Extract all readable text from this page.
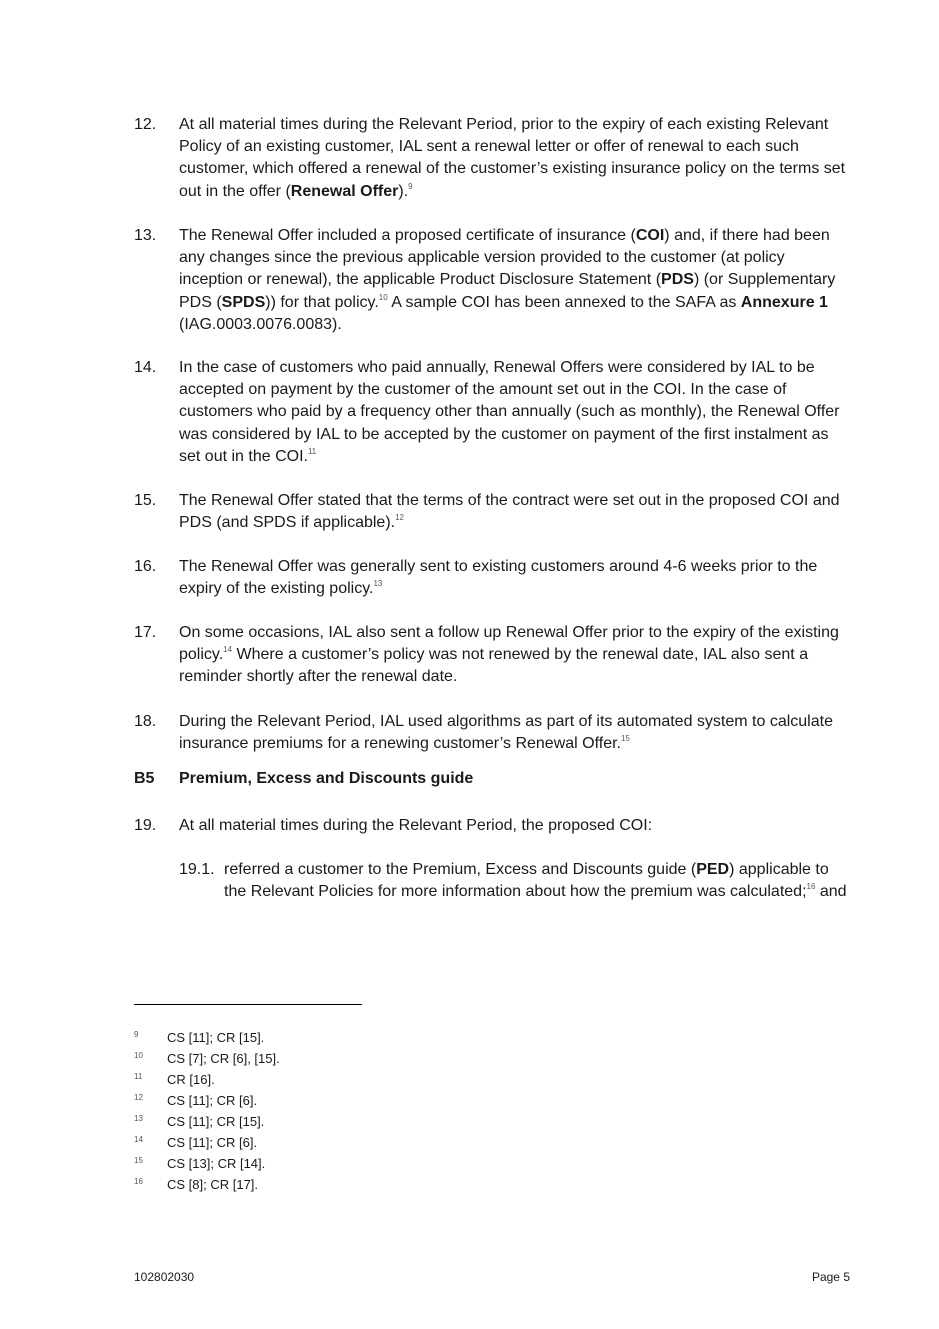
12. At all material times during the Relevant Period, prior to the expiry of each existing Relevant Policy of an existing customer, IAL sent a renewal letter or offer of renewal to each such customer, which offered a renewal of the customer’s existing insurance policy on the terms set out in the offer (Renewal Offer).$^9$
13. The Renewal Offer included a proposed certificate of insurance (COI) and, if there had been any changes since the previous applicable version provided to the customer (at policy inception or renewal), the applicable Product Disclosure Statement (PDS) (or Supplementary PDS (SPDS)) for that policy.$^{10}$ A sample COI has been annexed to the SAFA as Annexure 1 (IAG.0003.0076.0083).
14. In the case of customers who paid annually, Renewal Offers were considered by IAL to be accepted on payment by the customer of the amount set out in the COI. In the case of customers who paid by a frequency other than annually (such as monthly), the Renewal Offer was considered by IAL to be accepted by the customer on payment of the first instalment as set out in the COI.$^{11}$
15. The Renewal Offer stated that the terms of the contract were set out in the proposed COI and PDS (and SPDS if applicable).$^{12}$
16. The Renewal Offer was generally sent to existing customers around 4-6 weeks prior to the expiry of the existing policy.$^{13}$
17. On some occasions, IAL also sent a follow up Renewal Offer prior to the expiry of the existing policy.$^{14}$ Where a customer’s policy was not renewed by the renewal date, IAL also sent a reminder shortly after the renewal date.
18. During the Relevant Period, IAL used algorithms as part of its automated system to calculate insurance premiums for a renewing customer’s Renewal Offer.$^{15}$
B5 Premium, Excess and Discounts guide
19. At all material times during the Relevant Period, the proposed COI:
19.1. referred a customer to the Premium, Excess and Discounts guide (PED) applicable to the Relevant Policies for more information about how the premium was calculated;$^{16}$ and
9 CS [11]; CR [15].
10 CS [7]; CR [6], [15].
11 CR [16].
12 CS [11]; CR [6].
13 CS [11]; CR [15].
14 CS [11]; CR [6].
15 CS [13]; CR [14].
16 CS [8]; CR [17].
102802030	Page 5
